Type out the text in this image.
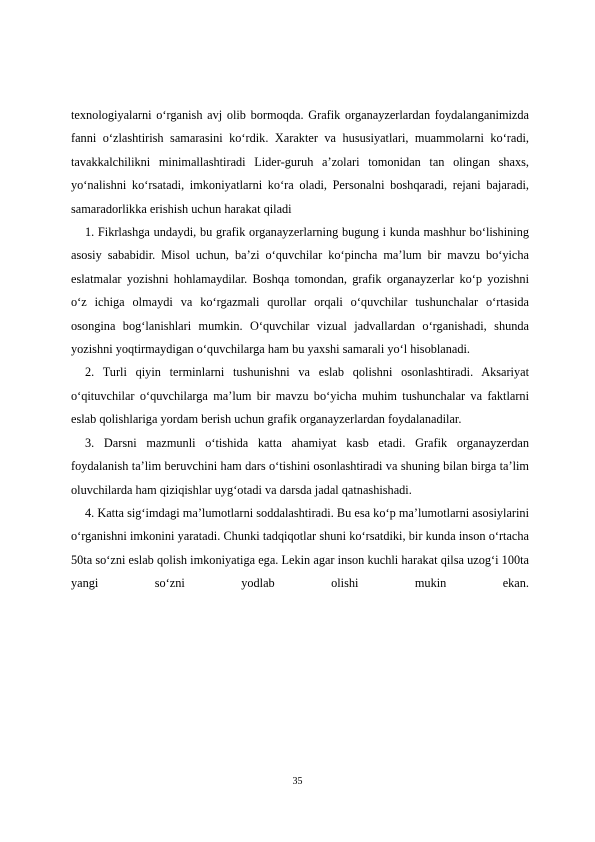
texnologiyalarni o‘rganish avj olib bormoqda. Grafik organayzerlardan foydalanganimizda fanni o‘zlashtirish samarasini ko‘rdik. Xarakter va hususiyatlari, muammolarni ko‘radi, tavakkalchilikni minimallashtiradi Lider-guruh a’zolari tomonidan tan olingan shaxs, yo‘nalishni ko‘rsatadi, imkoniyatlarni ko‘ra oladi, Personalni boshqaradi, rejani bajaradi, samaradorlikka erishish uchun harakat qiladi

1. Fikrlashga undaydi, bu grafik organayzerlarning bugung i kunda mashhur bo‘lishining asosiy sababidir. Misol uchun, ba’zi o‘quvchilar ko‘pincha ma’lum bir mavzu bo‘yicha eslatmalar yozishni hohlamaydilar. Boshqa tomondan, grafik organayzerlar ko‘p yozishni o‘z ichiga olmaydi va ko‘rgazmali qurollar orqali o‘quvchilar tushunchalar o‘rtasida osongina bog‘lanishlari mumkin. O‘quvchilar vizual jadvallardan o‘rganishadi, shunda yozishni yoqtirmaydigan o‘quvchilarga ham bu yaxshi samarali yo‘l hisoblanadi.

2. Turli qiyin terminlarni tushunishni va eslab qolishni osonlashtiradi. Aksariyat o‘qituvchilar o‘quvchilarga ma’lum bir mavzu bo‘yicha muhim tushunchalar va faktlarni eslab qolishlariga yordam berish uchun grafik organayzerlardan foydalanadilar.

3. Darsni mazmunli o‘tishida katta ahamiyat kasb etadi. Grafik organayzerdan foydalanish ta’lim beruvchini ham dars o‘tishini osonlashtiradi va shuning bilan birga ta’lim oluvchilarda ham qiziqishlar uyg‘otadi va darsda jadal qatnashishadi.

4. Katta sig‘imdagi ma’lumotlarni soddalashtiradi. Bu esa ko‘p ma’lumotlarni asosiylarini o‘rganishni imkonini yaratadi. Chunki tadqiqotlar shuni ko‘rsatdiki, bir kunda inson o‘rtacha 50ta so‘zni eslab qolish imkoniyatiga ega. Lekin agar inson kuchli harakat qilsa uzog‘i 100ta yangi so‘zni yodlab olishi mukin ekan.

35
